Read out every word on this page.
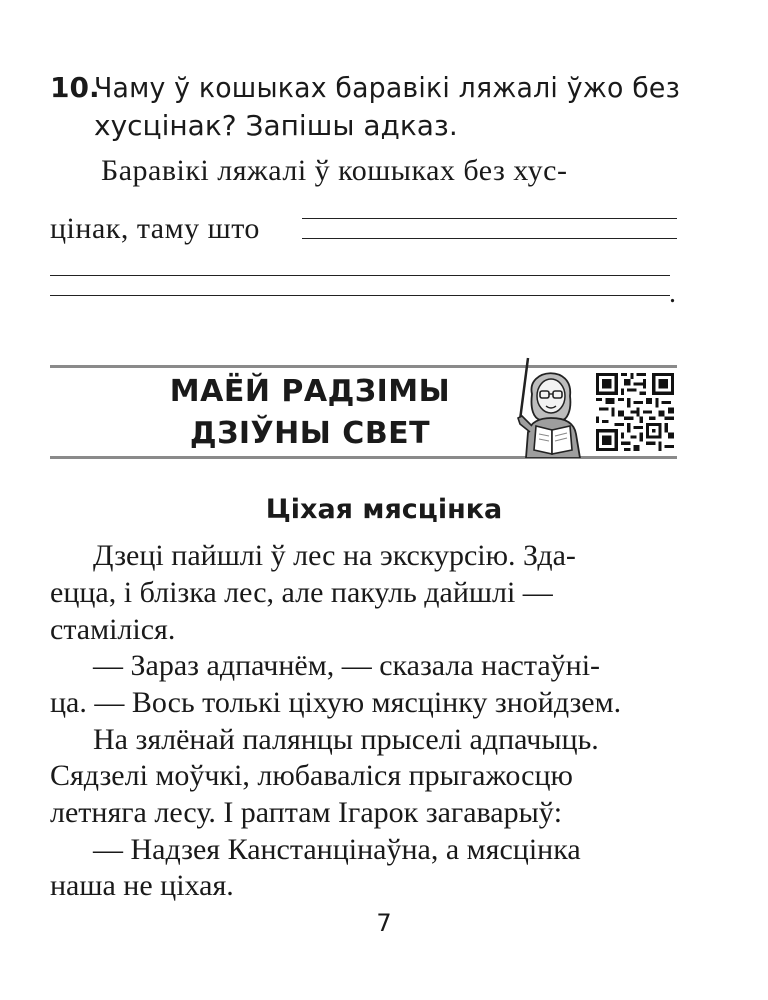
10.
Чаму ў кошыках баравікі ляжалі ўжо без
хусцінак? Запішы адказ.
Баравікі ляжалі ў кошыках без хус-
цінак, таму што
.
МАЁЙ РАДЗІМЫ
ДЗІЎНЫ СВЕТ
Ціхая мясцінка
Дзеці пайшлі ў лес на экскурсію. Зда-
ецца, і блізка лес, але пакуль дайшлі —
стаміліся.
— Зараз адпачнём, — сказала настаўні-
ца. — Вось толькі ціхую мясцінку знойдзем.
На зялёнай палянцы прыселі адпачыць.
Сядзелі моўчкі, любаваліся прыгажосцю
летняга лесу. І раптам Ігарок загаварыў:
— Надзея Канстанцінаўна, а мясцінка
наша не ціхая.
7
